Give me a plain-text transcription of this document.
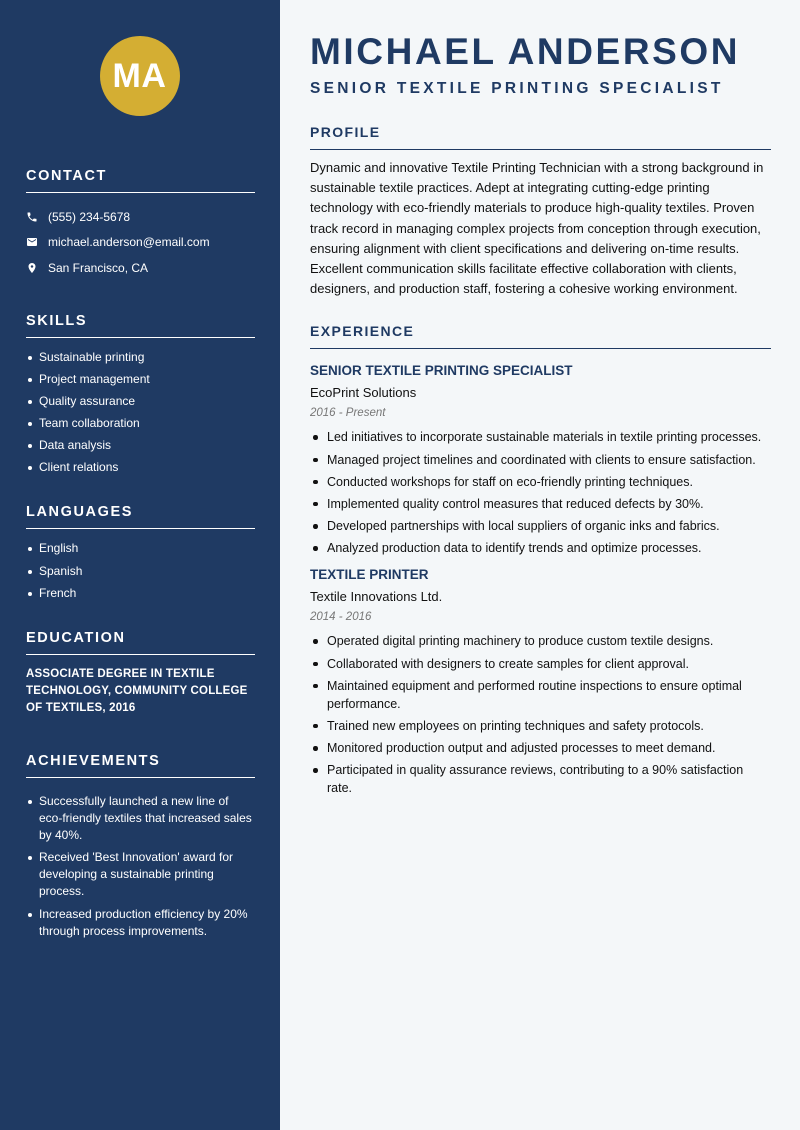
MA
CONTACT
(555) 234-5678
michael.anderson@email.com
San Francisco, CA
SKILLS
Sustainable printing
Project management
Quality assurance
Team collaboration
Data analysis
Client relations
LANGUAGES
English
Spanish
French
EDUCATION

ASSOCIATE DEGREE IN TEXTILE TECHNOLOGY, COMMUNITY COLLEGE OF TEXTILES, 2016

ACHIEVEMENTS
Successfully launched a new line of eco-friendly textiles that increased sales by 40%.
Received 'Best Innovation' award for developing a sustainable printing process.
Increased production efficiency by 20% through process improvements.
MICHAEL ANDERSON
SENIOR TEXTILE PRINTING SPECIALIST
PROFILE

Dynamic and innovative Textile Printing Technician with a strong background in sustainable textile practices. Adept at integrating cutting-edge printing technology with eco-friendly materials to produce high-quality textiles. Proven track record in managing complex projects from conception through execution, ensuring alignment with client specifications and delivering on-time results. Excellent communication skills facilitate effective collaboration with clients, designers, and production staff, fostering a cohesive working environment.

EXPERIENCE
SENIOR TEXTILE PRINTING SPECIALIST
EcoPrint Solutions
2016 - Present
Led initiatives to incorporate sustainable materials in textile printing processes.
Managed project timelines and coordinated with clients to ensure satisfaction.
Conducted workshops for staff on eco-friendly printing techniques.
Implemented quality control measures that reduced defects by 30%.
Developed partnerships with local suppliers of organic inks and fabrics.
Analyzed production data to identify trends and optimize processes.
TEXTILE PRINTER
Textile Innovations Ltd.
2014 - 2016
Operated digital printing machinery to produce custom textile designs.
Collaborated with designers to create samples for client approval.
Maintained equipment and performed routine inspections to ensure optimal performance.
Trained new employees on printing techniques and safety protocols.
Monitored production output and adjusted processes to meet demand.
Participated in quality assurance reviews, contributing to a 90% satisfaction rate.
